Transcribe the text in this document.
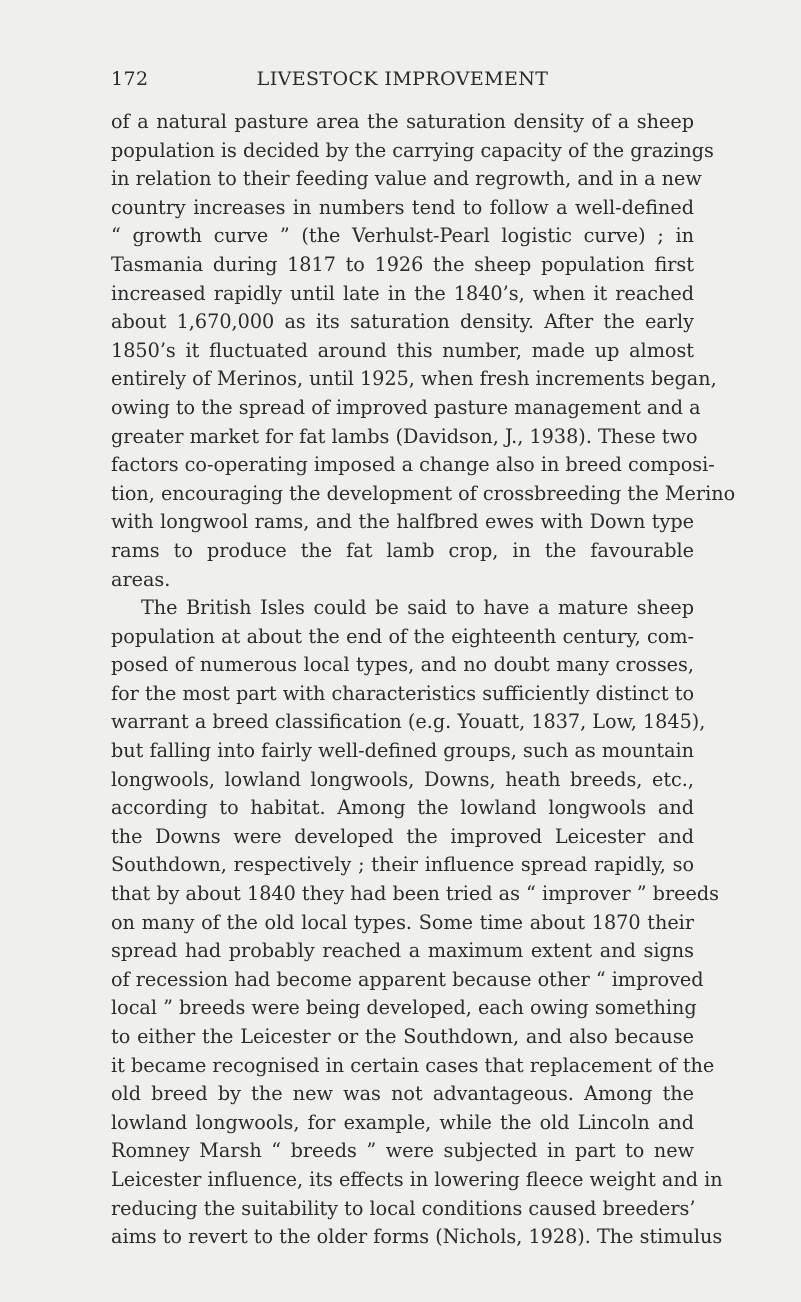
172	LIVESTOCK IMPROVEMENT
of a natural pasture area the saturation density of a sheep
population is decided by the carrying capacity of the grazings
in relation to their feeding value and regrowth, and in a new
country increases in numbers tend to follow a well-defined
“ growth curve ” (the Verhulst-Pearl logistic curve) ; in
Tasmania during 1817 to 1926 the sheep population first
increased rapidly until late in the 1840’s, when it reached
about 1,670,000 as its saturation density. After the early
1850’s it fluctuated around this number, made up almost
entirely of Merinos, until 1925, when fresh increments began,
owing to the spread of improved pasture management and a
greater market for fat lambs (Davidson, J., 1938). These two
factors co-operating imposed a change also in breed composi-
tion, encouraging the development of crossbreeding the Merino
with longwool rams, and the halfbred ewes with Down type
rams to produce the fat lamb crop, in the favourable
areas.
The British Isles could be said to have a mature sheep
population at about the end of the eighteenth century, com-
posed of numerous local types, and no doubt many crosses,
for the most part with characteristics sufficiently distinct to
warrant a breed classification (e.g. Youatt, 1837, Low, 1845),
but falling into fairly well-defined groups, such as mountain
longwools, lowland longwools, Downs, heath breeds, etc.,
according to habitat. Among the lowland longwools and
the Downs were developed the improved Leicester and
Southdown, respectively ; their influence spread rapidly, so
that by about 1840 they had been tried as “ improver ” breeds
on many of the old local types. Some time about 1870 their
spread had probably reached a maximum extent and signs
of recession had become apparent because other “ improved
local ” breeds were being developed, each owing something
to either the Leicester or the Southdown, and also because
it became recognised in certain cases that replacement of the
old breed by the new was not advantageous. Among the
lowland longwools, for example, while the old Lincoln and
Romney Marsh “ breeds ” were subjected in part to new
Leicester influence, its effects in lowering fleece weight and in
reducing the suitability to local conditions caused breeders’
aims to revert to the older forms (Nichols, 1928). The stimulus
